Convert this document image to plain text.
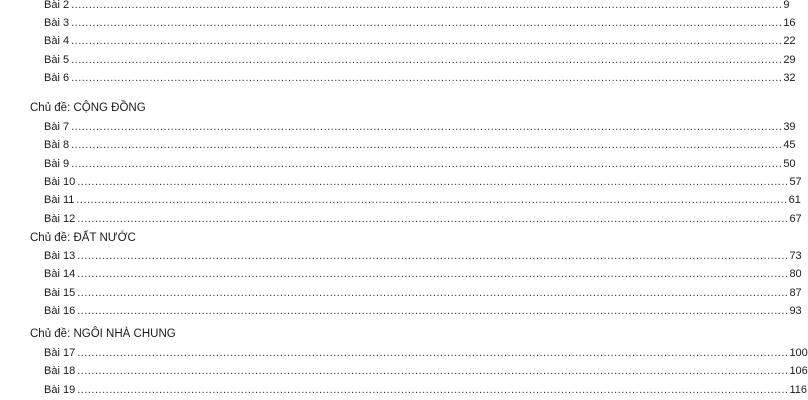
Bài 2 ........................................................................................................................................................................................................ 9
Bài 3 ........................................................................................................................................................................................................ 16
Bài 4 ........................................................................................................................................................................................................ 22
Bài 5 ........................................................................................................................................................................................................ 29
Bài 6 ........................................................................................................................................................................................................ 32
Chủ đề: CỘNG ĐỒNG
Bài 7 ........................................................................................................................................................................................................ 39
Bài 8 ........................................................................................................................................................................................................ 45
Bài 9 ........................................................................................................................................................................................................ 50
Bài 10 ........................................................................................................................................................................................................ 57
Bài 11 ........................................................................................................................................................................................................ 61
Bài 12 ........................................................................................................................................................................................................ 67
Chủ đề: ĐẤT NƯỚC
Bài 13 ........................................................................................................................................................................................................ 73
Bài 14 ........................................................................................................................................................................................................ 80
Bài 15 ........................................................................................................................................................................................................ 87
Bài 16 ........................................................................................................................................................................................................ 93
Chủ đề: NGÔI NHÀ CHUNG
Bài 17 ........................................................................................................................................................................................................ 100
Bài 18 ........................................................................................................................................................................................................ 106
Bài 19 ........................................................................................................................................................................................................ 116
